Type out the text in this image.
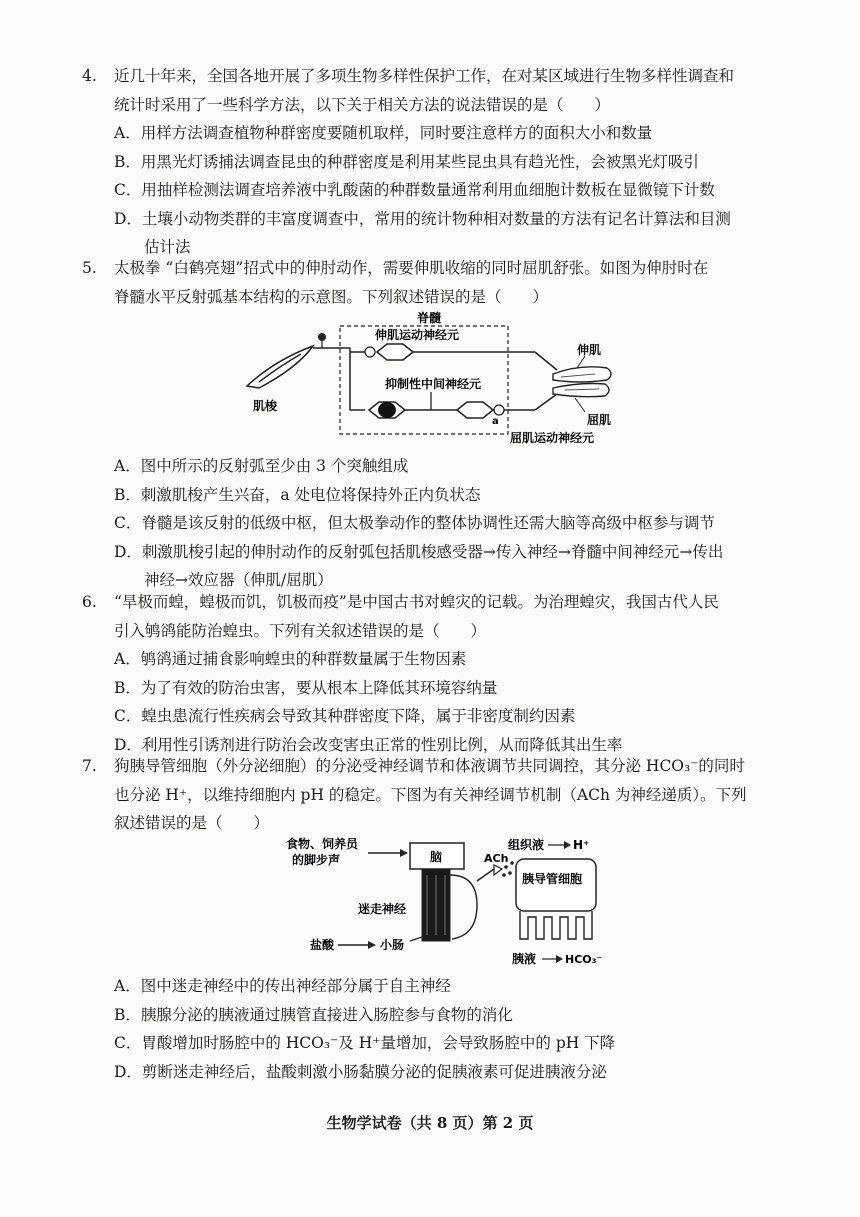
4. 近几十年来，全国各地开展了多项生物多样性保护工作，在对某区域进行生物多样性调查和
统计时采用了一些科学方法，以下关于相关方法的说法错误的是（　　）
A．用样方法调查植物种群密度要随机取样，同时要注意样方的面积大小和数量
B．用黑光灯诱捕法调查昆虫的种群密度是利用某些昆虫具有趋光性，会被黑光灯吸引
C．用抽样检测法调查培养液中乳酸菌的种群数量通常利用血细胞计数板在显微镜下计数
D．土壤小动物类群的丰富度调查中，常用的统计物种相对数量的方法有记名计算法和目测
估计法
5. 太极拳 “白鹤亮翅”招式中的伸肘动作，需要伸肌收缩的同时屈肌舒张。如图为伸肘时在
脊髓水平反射弧基本结构的示意图。下列叙述错误的是（　　）
脊髓
肌梭
伸肌运动神经元
抑制性中间神经元
a
伸肌
屈肌
屈肌运动神经元
A．图中所示的反射弧至少由 3 个突触组成
B．刺激肌梭产生兴奋，a 处电位将保持外正内负状态
C．脊髓是该反射的低级中枢，但太极拳动作的整体协调性还需大脑等高级中枢参与调节
D．刺激肌梭引起的伸肘动作的反射弧包括肌梭感受器→传入神经→脊髓中间神经元→传出
神经→效应器（伸肌/屈肌）
6. “旱极而蝗，蝗极而饥，饥极而疫”是中国古书对蝗灾的记载。为治理蝗灾，我国古代人民
引入鸲鹆能防治蝗虫。下列有关叙述错误的是（　　）
A．鸲鹆通过捕食影响蝗虫的种群数量属于生物因素
B．为了有效的防治虫害，要从根本上降低其环境容纳量
C．蝗虫患流行性疾病会导致其种群密度下降，属于非密度制约因素
D．利用性引诱剂进行防治会改变害虫正常的性别比例，从而降低其出生率
7. 狗胰导管细胞（外分泌细胞）的分泌受神经调节和体液调节共同调控，其分泌 HCO₃⁻的同时
也分泌 H⁺，以维持细胞内 pH 的稳定。下图为有关神经调节机制（ACh 为神经递质）。下列
叙述错误的是（　　）
食物、饲养员
的脚步声	脑
迷走神经
ACh
盐酸	小肠
组织液 H⁺
胰导管细胞
胰液	HCO₃⁻
A．图中迷走神经中的传出神经部分属于自主神经
B．胰腺分泌的胰液通过胰管直接进入肠腔参与食物的消化
C．胃酸增加时肠腔中的 HCO₃⁻及 H⁺量增加，会导致肠腔中的 pH 下降
D．剪断迷走神经后，盐酸刺激小肠黏膜分泌的促胰液素可促进胰液分泌
生物学试卷（共 8 页）第 2 页
